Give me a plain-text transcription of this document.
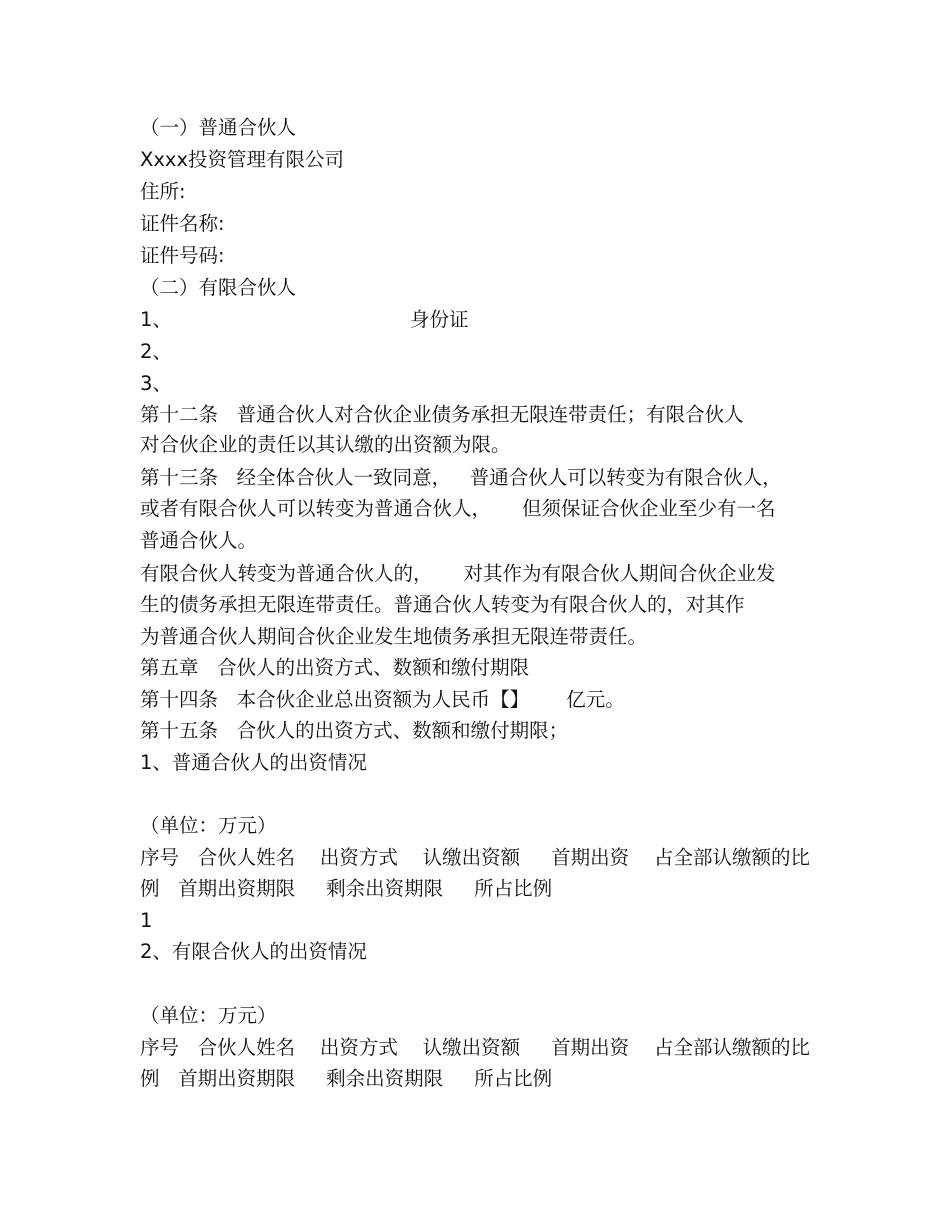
（一）普通合伙人
Xxxx投资管理有限公司
住所:
证件名称:
证件号码:
（二）有限合伙人
1、	身份证
2、
3、
第十二条   普通合伙人对合伙企业债务承担无限连带责任；有限合伙人
对合伙企业的责任以其认缴的出资额为限。
第十三条   经全体合伙人一致同意，   普通合伙人可以转变为有限合伙人，
或者有限合伙人可以转变为普通合伙人，     但须保证合伙企业至少有一名
普通合伙人。
有限合伙人转变为普通合伙人的，     对其作为有限合伙人期间合伙企业发
生的债务承担无限连带责任。普通合伙人转变为有限合伙人的，对其作
为普通合伙人期间合伙企业发生地债务承担无限连带责任。
第五章   合伙人的出资方式、数额和缴付期限
第十四条   本合伙企业总出资额为人民币【】      亿元。
第十五条   合伙人的出资方式、数额和缴付期限；
1、普通合伙人的出资情况
（单位：万元）
序号   合伙人姓名    出资方式    认缴出资额     首期出资    占全部认缴额的比
例   首期出资期限     剩余出资期限     所占比例
1
2、有限合伙人的出资情况
（单位：万元）
序号   合伙人姓名    出资方式    认缴出资额     首期出资    占全部认缴额的比
例   首期出资期限     剩余出资期限     所占比例
